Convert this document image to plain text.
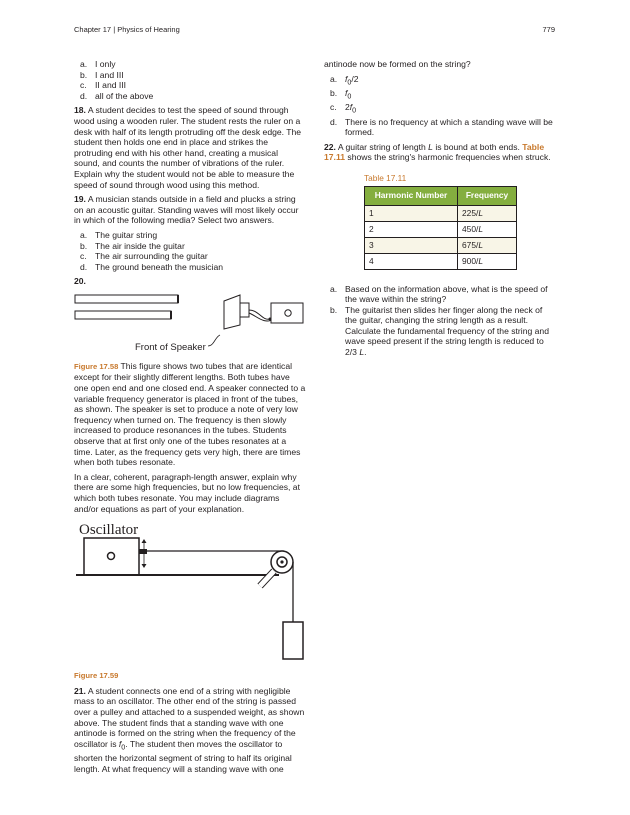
Chapter 17 | Physics of Hearing	779
a. I only
b. I and III
c. II and III
d. all of the above

18. A student decides to test the speed of sound through wood using a wooden ruler. The student rests the ruler on a desk with half of its length protruding off the desk edge. The student then holds one end in place and strikes the protruding end with his other hand, creating a musical sound, and counts the number of vibrations of the ruler. Explain why the student would not be able to measure the speed of sound through wood using this method.

19. A musician stands outside in a field and plucks a string on an acoustic guitar. Standing waves will most likely occur in which of the following media? Select two answers.

a. The guitar string
b. The air inside the guitar
c. The air surrounding the guitar
d. The ground beneath the musician
20.
Front of Speaker

Figure 17.58 This figure shows two tubes that are identical except for their slightly different lengths. Both tubes have one open end and one closed end. A speaker connected to a variable frequency generator is placed in front of the tubes, as shown. The speaker is set to produce a note of very low frequency when turned on. The frequency is then slowly increased to produce resonances in the tubes. Students observe that at first only one of the tubes resonates at a time. Later, as the frequency gets very high, there are times when both tubes resonate.

In a clear, coherent, paragraph-length answer, explain why there are some high frequencies, but no low frequencies, at which both tubes resonate. You may include diagrams and/or equations as part of your explanation.

Oscillator

Figure 17.59

21. A student connects one end of a string with negligible mass to an oscillator. The other end of the string is passed over a pulley and attached to a suspended weight, as shown above. The student finds that a standing wave with one antinode is formed on the string when the frequency of the oscillator is $f_0$. The student then moves the oscillator to shorten the horizontal segment of string to half its original length. At what frequency will a standing wave with one

antinode now be formed on the string?

a. $f_0/2$
b. $f_0$
c. $2f_0$
d. There is no frequency at which a standing wave will be formed.

22. A guitar string of length L is bound at both ends. Table 17.11 shows the string's harmonic frequencies when struck.

Table 17.11
Harmonic Number	Frequency
1	225/L
2	450/L
3	675/L
4	900/L
a. Based on the information above, what is the speed of the wave within the string?
b. The guitarist then slides her finger along the neck of the guitar, changing the string length as a result. Calculate the fundamental frequency of the string and wave speed present if the string length is reduced to 2/3 L.
